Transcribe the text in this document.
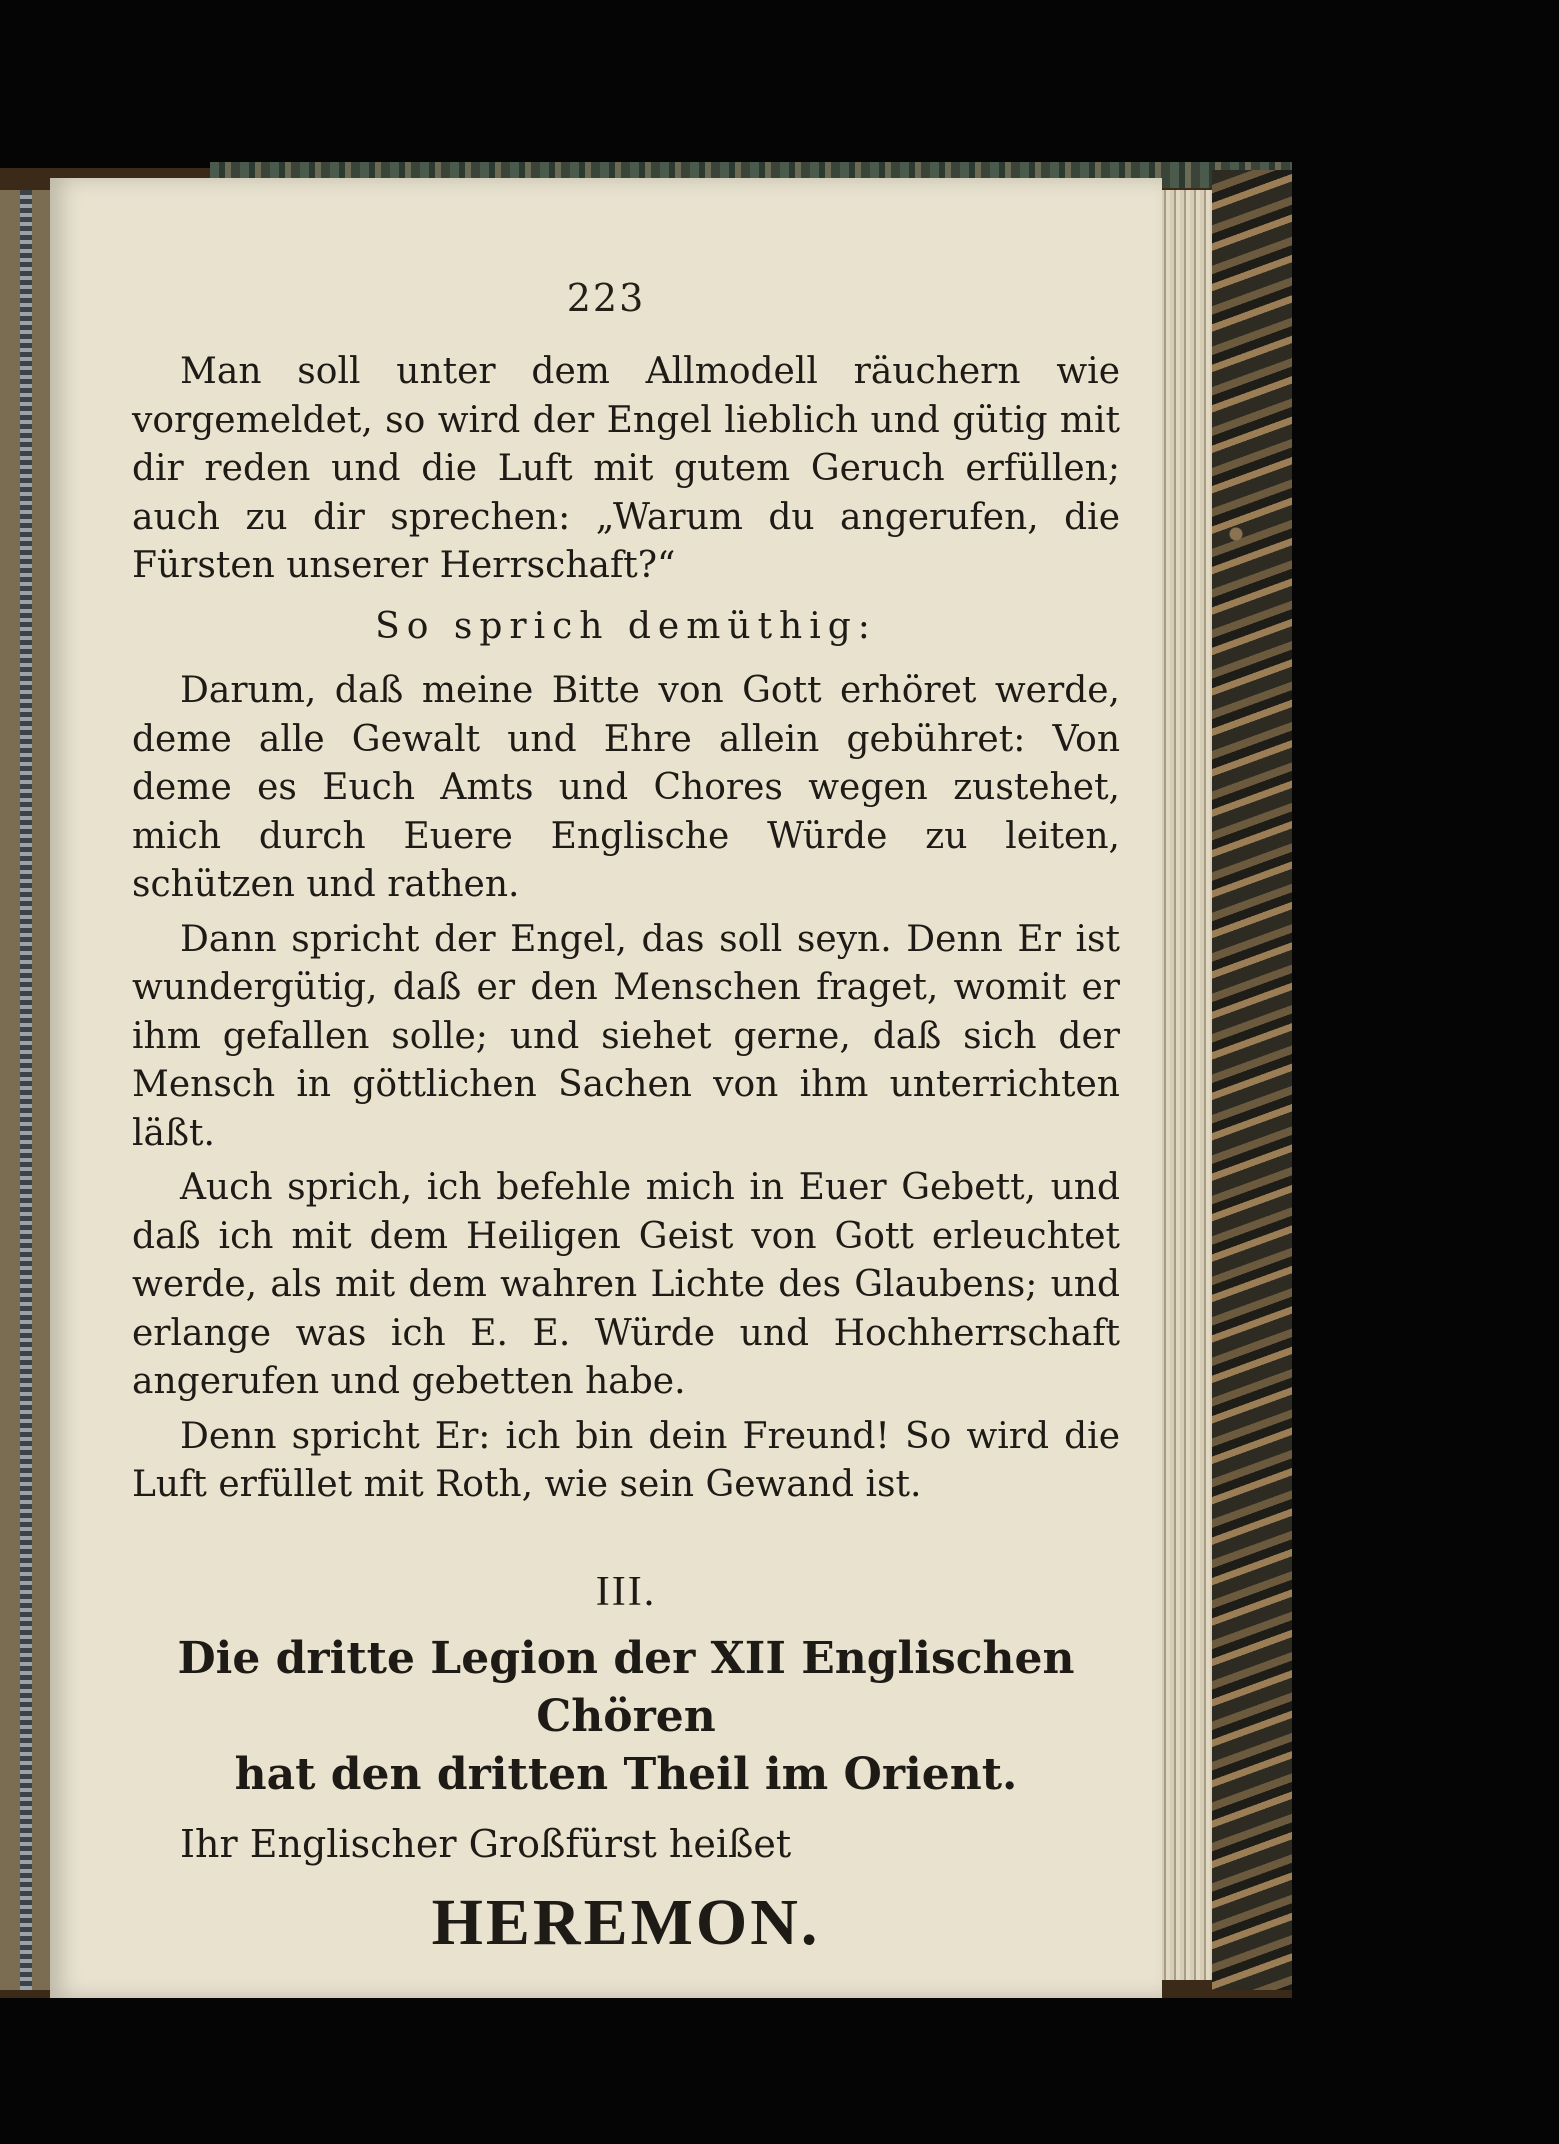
223

Man soll unter dem Allmodell räuchern wie vorgemeldet, so wird der Engel lieblich und gütig mit dir reden und die Luft mit gutem Geruch erfüllen; auch zu dir sprechen: „Warum du angerufen, die Fürsten unserer Herrschaft?“

So sprich demüthig:

Darum, daß meine Bitte von Gott erhöret werde, deme alle Gewalt und Ehre allein gebühret: Von deme es Euch Amts und Chores wegen zustehet, mich durch Euere Englische Würde zu leiten, schützen und rathen.

Dann spricht der Engel, das soll seyn. Denn Er ist wundergütig, daß er den Menschen fraget, womit er ihm gefallen solle; und siehet gerne, daß sich der Mensch in göttlichen Sachen von ihm unterrichten läßt.

Auch sprich, ich befehle mich in Euer Gebett, und daß ich mit dem Heiligen Geist von Gott erleuchtet werde, als mit dem wahren Lichte des Glaubens; und erlange was ich E. E. Würde und Hochherrschaft angerufen und gebetten habe.

Denn spricht Er: ich bin dein Freund! So wird die Luft erfüllet mit Roth, wie sein Gewand ist.

III.

Die dritte Legion der XII Englischen Chören

hat den dritten Theil im Orient.

Ihr Englischer Großfürst heißet

HEREMON.
